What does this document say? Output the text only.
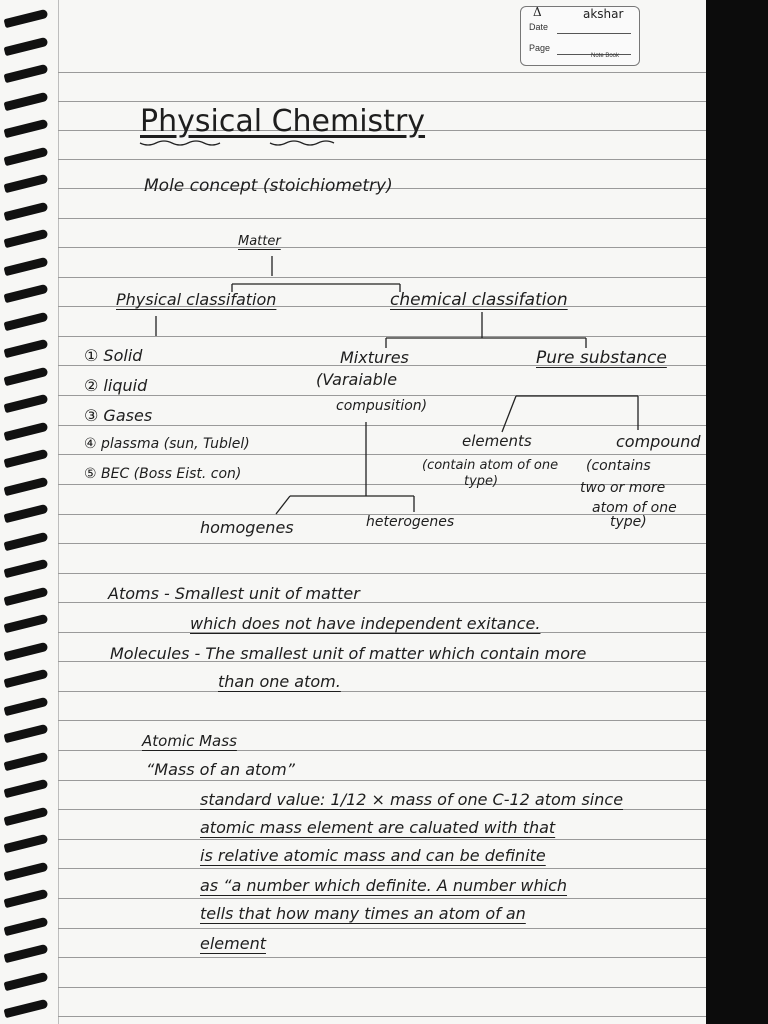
Δ	akshar
Date
Page
Note Book
Physical Chemistry
Mole concept (stoichiometry)
Matter
Physical classifation	chemical classifation
① Solid
② liquid
③ Gases
④ plassma (sun, Tublel)
⑤ BEC (Boss Eist. con)
Mixtures
(Varaiable
compusition)
Pure substance
elements
(contain atom of one
type)
compound
(contains
two or more
atom of one
type)
homogenes	heterogenes
Atoms - Smallest unit of matter
which does not have independent exitance.
Molecules - The smallest unit of matter which contain more
than one atom.
Atomic Mass
“Mass of an atom”
standard value: 1/12 × mass of one C-12 atom since
atomic mass element are caluated with that
is relative atomic mass and can be definite
as “a number which definite. A number which
tells that how many times an atom of an
element
